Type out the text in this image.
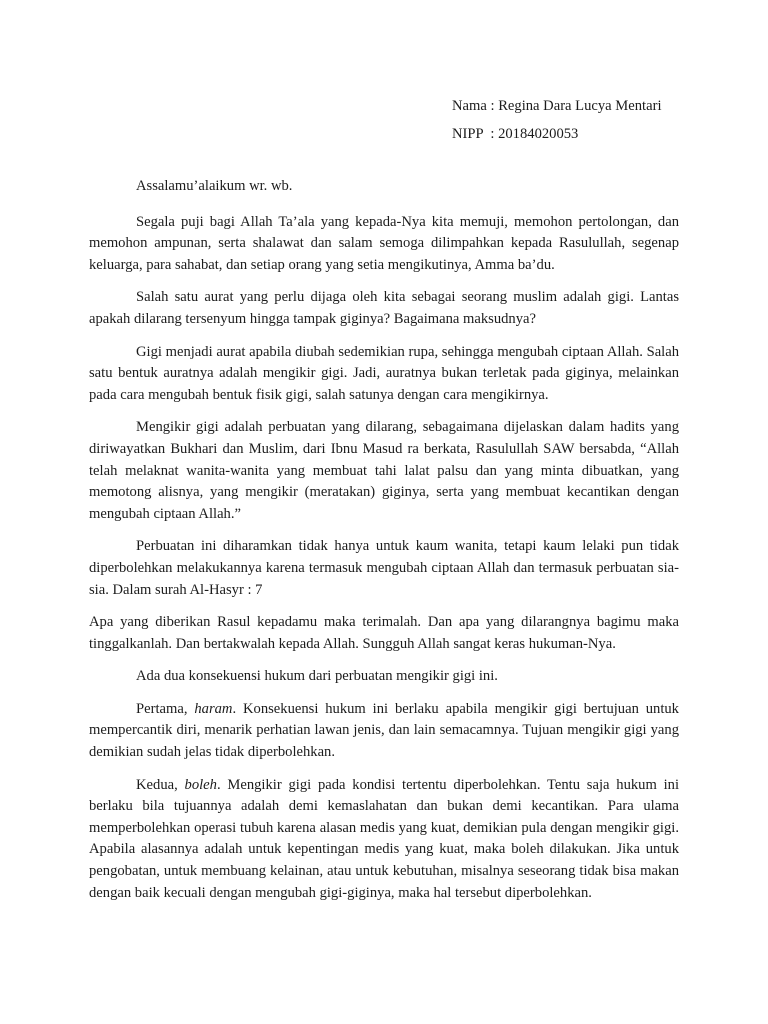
Nama : Regina Dara Lucya Mentari
NIPP  : 20184020053

Assalamu’alaikum wr. wb.

Segala puji bagi Allah Ta’ala yang kepada-Nya kita memuji, memohon pertolongan, dan memohon ampunan, serta shalawat dan salam semoga dilimpahkan kepada Rasulullah, segenap keluarga, para sahabat, dan setiap orang yang setia mengikutinya, Amma ba’du.

Salah satu aurat yang perlu dijaga oleh kita sebagai seorang muslim adalah gigi. Lantas apakah dilarang tersenyum hingga tampak giginya? Bagaimana maksudnya?

Gigi menjadi aurat apabila diubah sedemikian rupa, sehingga mengubah ciptaan Allah. Salah satu bentuk auratnya adalah mengikir gigi. Jadi, auratnya bukan terletak pada giginya, melainkan pada cara mengubah bentuk fisik gigi, salah satunya dengan cara mengikirnya.

Mengikir gigi adalah perbuatan yang dilarang, sebagaimana dijelaskan dalam hadits yang diriwayatkan Bukhari dan Muslim, dari Ibnu Masud ra berkata, Rasulullah SAW bersabda, “Allah telah melaknat wanita-wanita yang membuat tahi lalat palsu dan yang minta dibuatkan, yang memotong alisnya, yang mengikir (meratakan) giginya, serta yang membuat kecantikan dengan mengubah ciptaan Allah.”

Perbuatan ini diharamkan tidak hanya untuk kaum wanita, tetapi kaum lelaki pun tidak diperbolehkan melakukannya karena termasuk mengubah ciptaan Allah dan termasuk perbuatan sia-sia. Dalam surah Al-Hasyr : 7

Apa yang diberikan Rasul kepadamu maka terimalah. Dan apa yang dilarangnya bagimu maka tinggalkanlah. Dan bertakwalah kepada Allah. Sungguh Allah sangat keras hukuman-Nya.

Ada dua konsekuensi hukum dari perbuatan mengikir gigi ini.

Pertama, haram. Konsekuensi hukum ini berlaku apabila mengikir gigi bertujuan untuk mempercantik diri, menarik perhatian lawan jenis, dan lain semacamnya. Tujuan mengikir gigi yang demikian sudah jelas tidak diperbolehkan.

Kedua, boleh. Mengikir gigi pada kondisi tertentu diperbolehkan. Tentu saja hukum ini berlaku bila tujuannya adalah demi kemaslahatan dan bukan demi kecantikan. Para ulama memperbolehkan operasi tubuh karena alasan medis yang kuat, demikian pula dengan mengikir gigi. Apabila alasannya adalah untuk kepentingan medis yang kuat, maka boleh dilakukan. Jika untuk pengobatan, untuk membuang kelainan, atau untuk kebutuhan, misalnya seseorang tidak bisa makan dengan baik kecuali dengan mengubah gigi-giginya, maka hal tersebut diperbolehkan.
